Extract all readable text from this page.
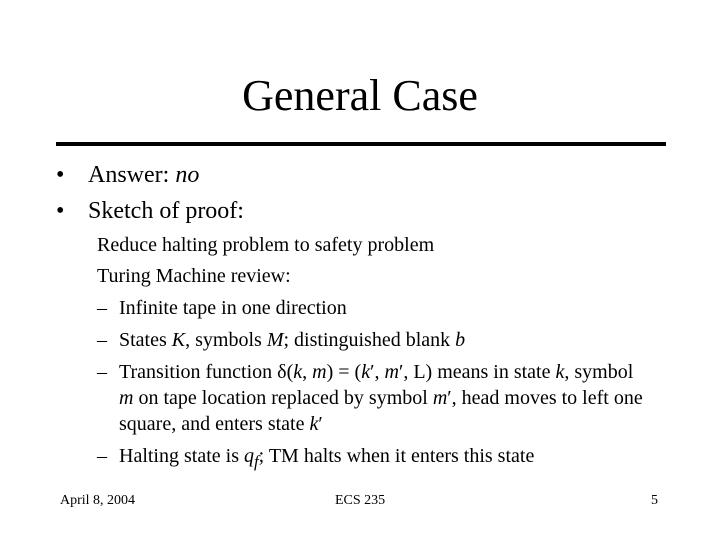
General Case
• Answer: no
• Sketch of proof:
Reduce halting problem to safety problem
Turing Machine review:
– Infinite tape in one direction
– States K, symbols M; distinguished blank b
– Transition function δ(k, m) = (k′, m′, L) means in state k, symbol m on tape location replaced by symbol m′, head moves to left one square, and enters state k′
– Halting state is $q_f$; TM halts when it enters this state
April 8, 2004	ECS 235	5
